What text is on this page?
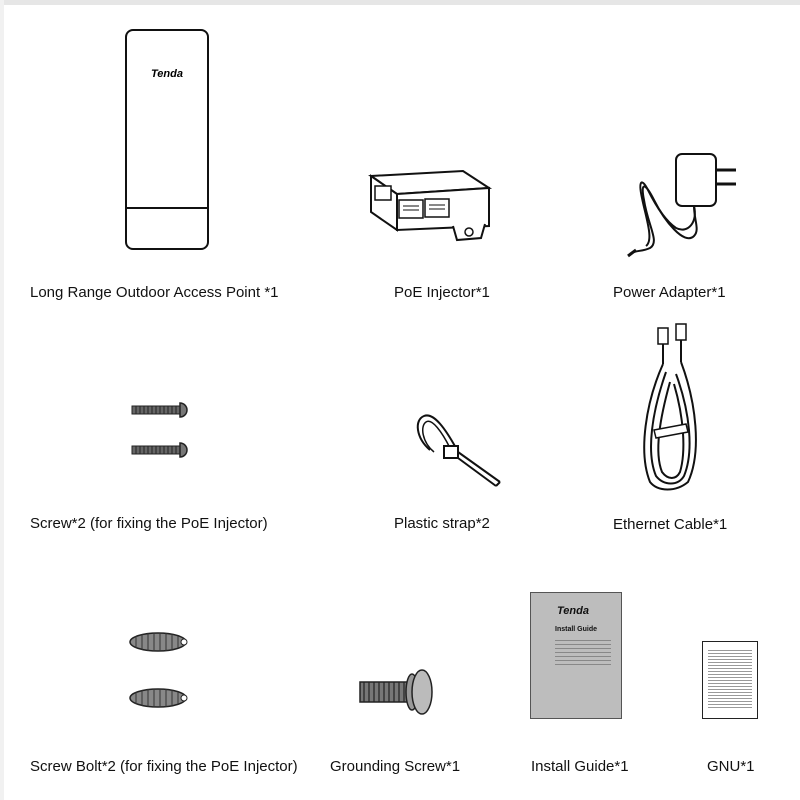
Tenda
Long Range Outdoor Access Point *1	PoE Injector*1	Power Adapter*1
Screw*2 (for fixing the PoE Injector)	Plastic strap*2	Ethernet Cable*1
Screw Bolt*2 (for fixing the PoE Injector) Grounding Screw*1
Tenda
Install Guide
Install Guide*1	GNU*1
